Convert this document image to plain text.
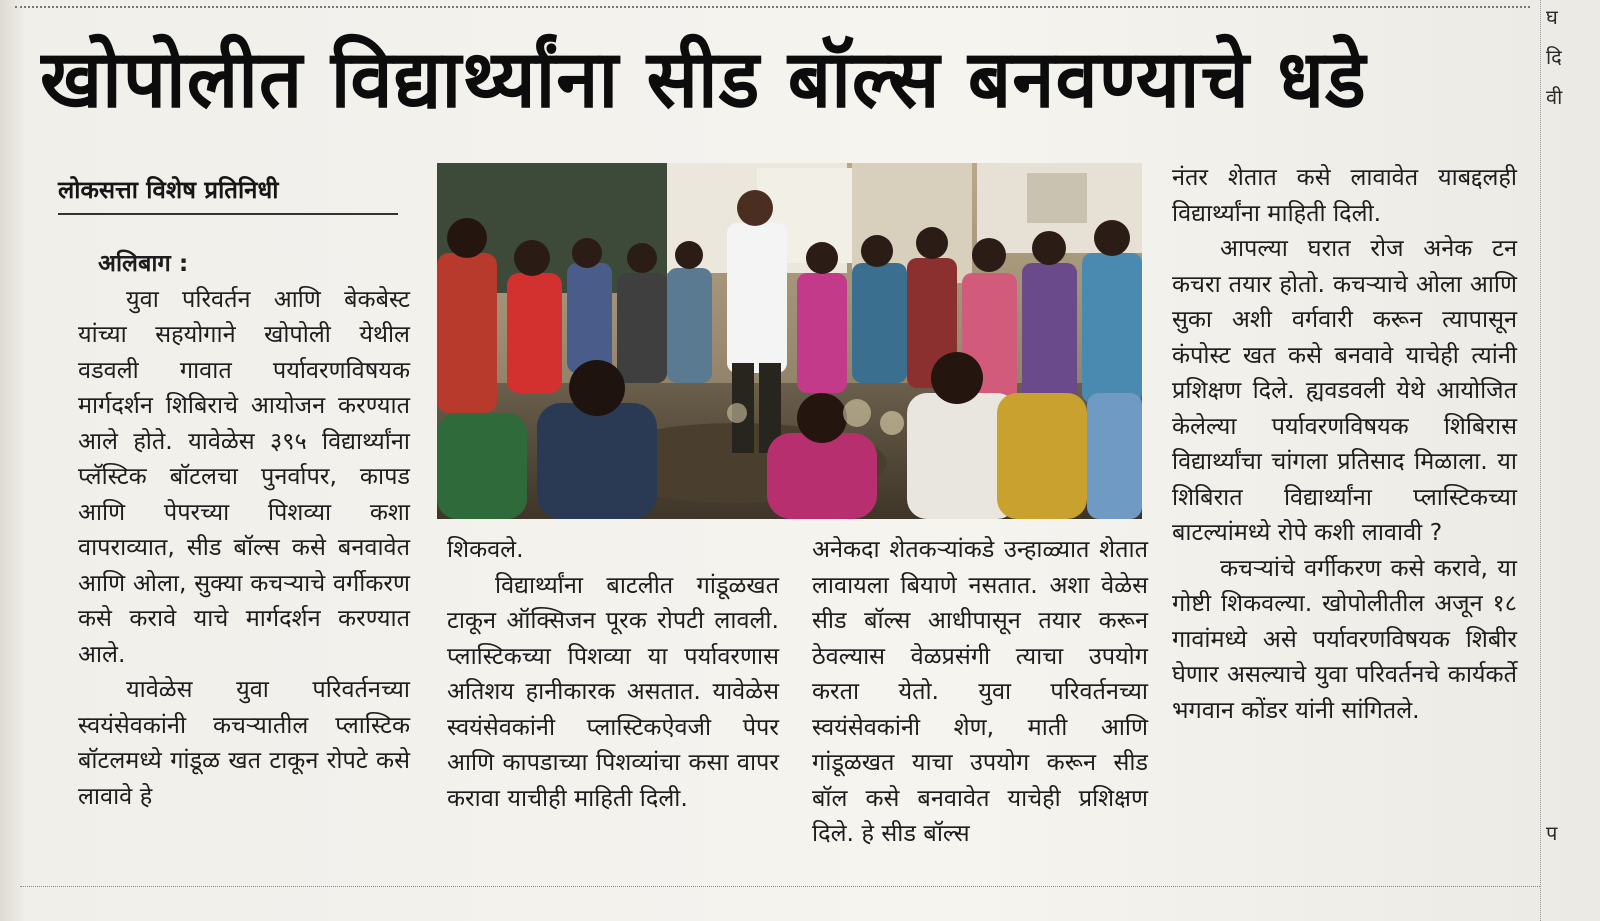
खोपोलीत विद्यार्थ्यांना सीड बॉल्स बनवण्याचे धडे
लोकसत्ता विशेष प्रतिनिधी

अलिबाग :

युवा परिवर्तन आणि बेकबेस्ट यांच्या सहयोगाने खोपोली येथील वडवली गावात पर्यावरणविषयक मार्गदर्शन शिबिराचे आयोजन करण्यात आले होते. यावेळेस ३९५ विद्यार्थ्यांना प्लॅस्टिक बॉटलचा पुनर्वापर, कापड आणि पेपरच्या पिशव्या कशा वापराव्यात, सीड बॉल्स कसे बनवावेत आणि ओला, सुक्या कचऱ्याचे वर्गीकरण कसे करावे याचे मार्गदर्शन करण्यात आले.

यावेळेस युवा परिवर्तनच्या स्वयंसेवकांनी कचऱ्यातील प्लास्टिक बॉटलमध्ये गांडूळ खत टाकून रोपटे कसे लावावे हे

शिकवले.

विद्यार्थ्यांना बाटलीत गांडूळखत टाकून ऑक्सिजन पूरक रोपटी लावली. प्लास्टिकच्या पिशव्या या पर्यावरणास अतिशय हानीकारक असतात. यावेळेस स्वयंसेवकांनी प्लास्टिकऐवजी पेपर आणि कापडाच्या पिशव्यांचा कसा वापर करावा याचीही माहिती दिली.

अनेकदा शेतकऱ्यांकडे उन्हाळ्यात शेतात लावायला बियाणे नसतात. अशा वेळेस सीड बॉल्स आधीपासून तयार करून ठेवल्यास वेळप्रसंगी त्याचा उपयोग करता येतो. युवा परिवर्तनच्या स्वयंसेवकांनी शेण, माती आणि गांडूळखत याचा उपयोग करून सीड बॉल कसे बनवावेत याचेही प्रशिक्षण दिले. हे सीड बॉल्स

नंतर शेतात कसे लावावेत याबद्दलही विद्यार्थ्यांना माहिती दिली.

आपल्या घरात रोज अनेक टन कचरा तयार होतो. कचऱ्याचे ओला आणि सुका अशी वर्गवारी करून त्यापासून कंपोस्ट खत कसे बनवावे याचेही त्यांनी प्रशिक्षण दिले. ह्यवडवली येथे आयोजित केलेल्या पर्यावरणविषयक शिबिरास विद्यार्थ्यांचा चांगला प्रतिसाद मिळाला. या शिबिरात विद्यार्थ्यांना प्लास्टिकच्या बाटल्यांमध्ये रोपे कशी लावावी ?

कचऱ्यांचे वर्गीकरण कसे करावे, या गोष्टी शिकवल्या. खोपोलीतील अजून १८ गावांमध्ये असे पर्यावरणविषयक शिबीर घेणार असल्याचे युवा परिवर्तनचे कार्यकर्ते भगवान कोंडर यांनी सांगितले.

घ
दि
वी
प
